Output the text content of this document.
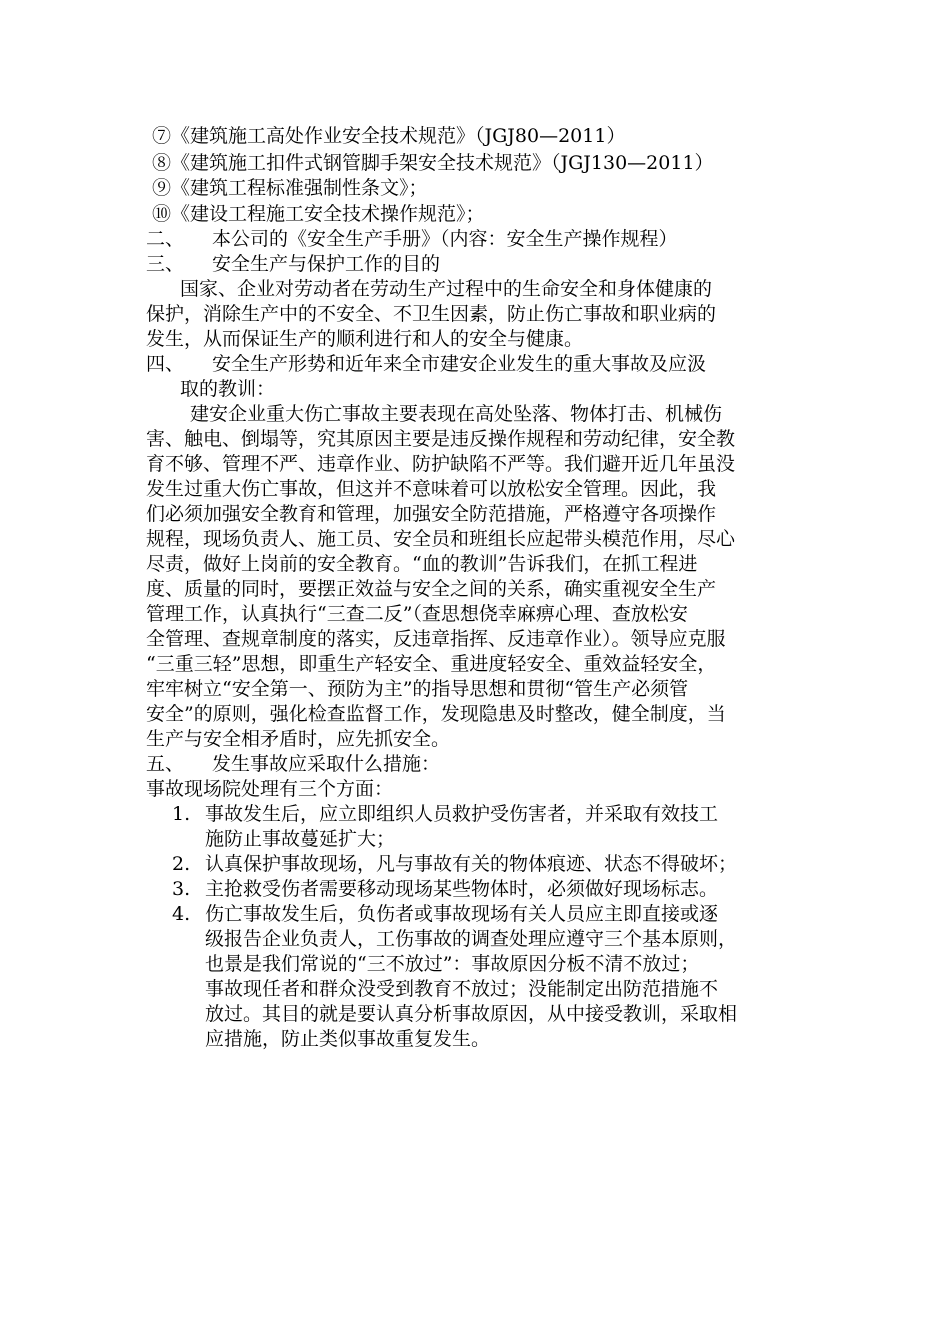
⑦《建筑施工高处作业安全技术规范》（JGJ80—2011）
⑧《建筑施工扣件式钢管脚手架安全技术规范》（JGJ130—2011）
⑨《建筑工程标准强制性条文》；
⑩《建设工程施工安全技术操作规范》；
二、 本公司的《安全生产手册》（内容：安全生产操作规程）
三、 安全生产与保护工作的目的
国家、企业对劳动者在劳动生产过程中的生命安全和身体健康的
保护，消除生产中的不安全、不卫生因素，防止伤亡事故和职业病的
发生，从而保证生产的顺利进行和人的安全与健康。
四、 安全生产形势和近年来全市建安企业发生的重大事故及应汲
取的教训：
建安企业重大伤亡事故主要表现在高处坠落、物体打击、机械伤
害、触电、倒塌等，究其原因主要是违反操作规程和劳动纪律，安全教
育不够、管理不严、违章作业、防护缺陷不严等。我们避开近几年虽没
发生过重大伤亡事故，但这并不意味着可以放松安全管理。因此，我
们必须加强安全教育和管理，加强安全防范措施，严格遵守各项操作
规程，现场负责人、施工员、安全员和班组长应起带头模范作用，尽心
尽责，做好上岗前的安全教育。“血的教训”告诉我们，在抓工程进
度、质量的同时，要摆正效益与安全之间的关系，确实重视安全生产
管理工作，认真执行“三查二反”（查思想侥幸麻痹心理、查放松安
全管理、查规章制度的落实，反违章指挥、反违章作业）。领导应克服
“三重三轻”思想，即重生产轻安全、重进度轻安全、重效益轻安全，
牢牢树立“安全第一、预防为主”的指导思想和贯彻“管生产必须管
安全”的原则，强化检查监督工作，发现隐患及时整改，健全制度，当
生产与安全相矛盾时，应先抓安全。
五、 发生事故应采取什么措施：
事故现场院处理有三个方面：
1. 事故发生后，应立即组织人员救护受伤害者，并采取有效技工
施防止事故蔓延扩大；
2. 认真保护事故现场，凡与事故有关的物体痕迹、状态不得破坏；
3. 主抢救受伤者需要移动现场某些物体时，必须做好现场标志。
4. 伤亡事故发生后，负伤者或事故现场有关人员应主即直接或逐
级报告企业负责人，工伤事故的调查处理应遵守三个基本原则，
也景是我们常说的“三不放过”：事故原因分板不清不放过；
事故现任者和群众没受到教育不放过；没能制定出防范措施不
放过。其目的就是要认真分析事故原因，从中接受教训，采取相
应措施，防止类似事故重复发生。
